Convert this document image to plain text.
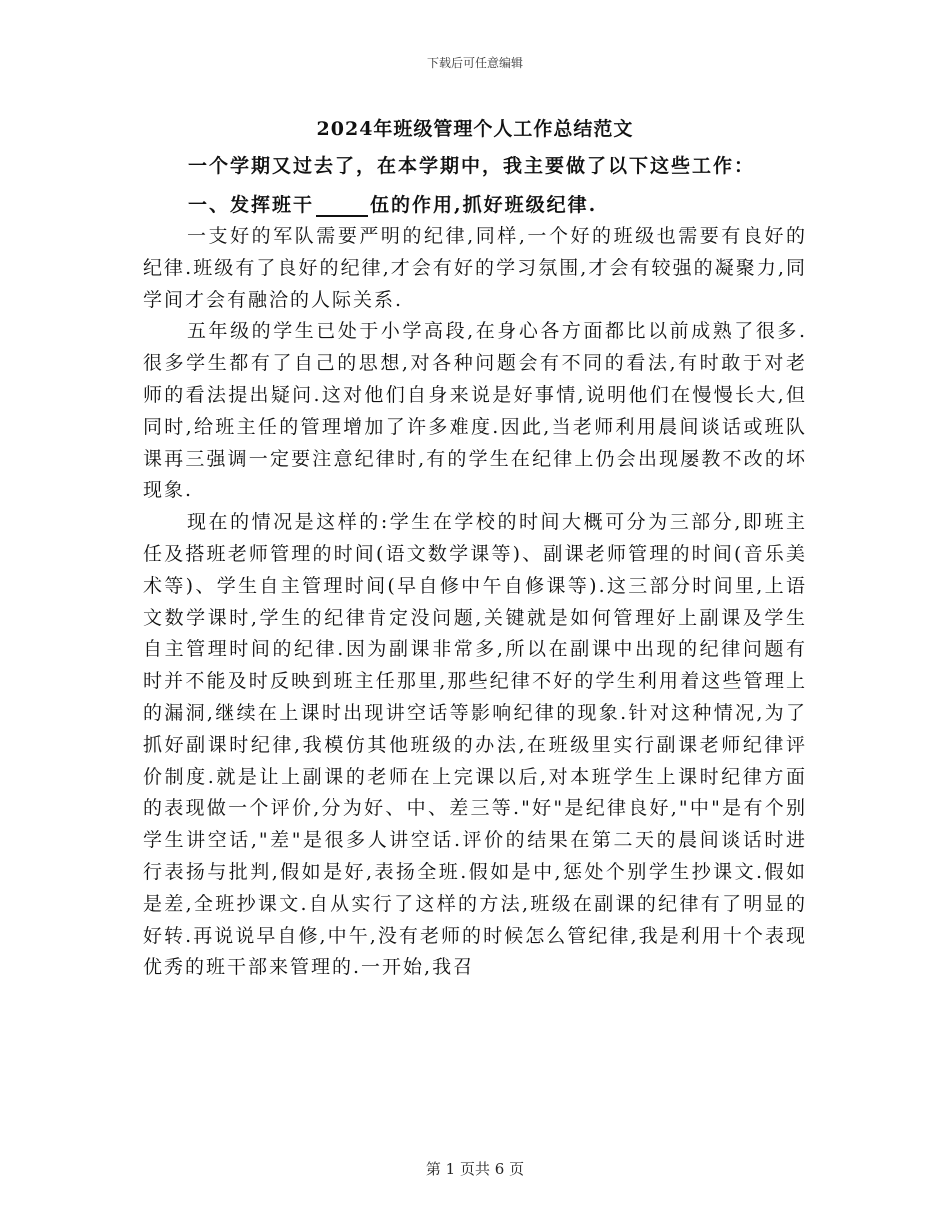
下载后可任意编辑
2024年班级管理个人工作总结范文
一个学期又过去了，在本学期中，我主要做了以下这些工作：
一、发挥班干	伍的作用,抓好班级纪律.

一支好的军队需要严明的纪律,同样,一个好的班级也需要有良好的纪律.班级有了良好的纪律,才会有好的学习氛围,才会有较强的凝聚力,同学间才会有融洽的人际关系.

五年级的学生已处于小学高段,在身心各方面都比以前成熟了很多.很多学生都有了自己的思想,对各种问题会有不同的看法,有时敢于对老师的看法提出疑问.这对他们自身来说是好事情,说明他们在慢慢长大,但同时,给班主任的管理增加了许多难度.因此,当老师利用晨间谈话或班队课再三强调一定要注意纪律时,有的学生在纪律上仍会出现屡教不改的坏现象.

现在的情况是这样的:学生在学校的时间大概可分为三部分,即班主任及搭班老师管理的时间(语文数学课等)、副课老师管理的时间(音乐美术等)、学生自主管理时间(早自修中午自修课等).这三部分时间里,上语文数学课时,学生的纪律肯定没问题,关键就是如何管理好上副课及学生自主管理时间的纪律.因为副课非常多,所以在副课中出现的纪律问题有时并不能及时反映到班主任那里,那些纪律不好的学生利用着这些管理上的漏洞,继续在上课时出现讲空话等影响纪律的现象.针对这种情况,为了抓好副课时纪律,我模仿其他班级的办法,在班级里实行副课老师纪律评价制度.就是让上副课的老师在上完课以后,对本班学生上课时纪律方面的表现做一个评价,分为好、中、差三等."好"是纪律良好,"中"是有个别学生讲空话,"差"是很多人讲空话.评价的结果在第二天的晨间谈话时进行表扬与批判,假如是好,表扬全班.假如是中,惩处个别学生抄课文.假如是差,全班抄课文.自从实行了这样的方法,班级在副课的纪律有了明显的好转.再说说早自修,中午,没有老师的时候怎么管纪律,我是利用十个表现优秀的班干部来管理的.一开始,我召

第 1 页共 6 页
